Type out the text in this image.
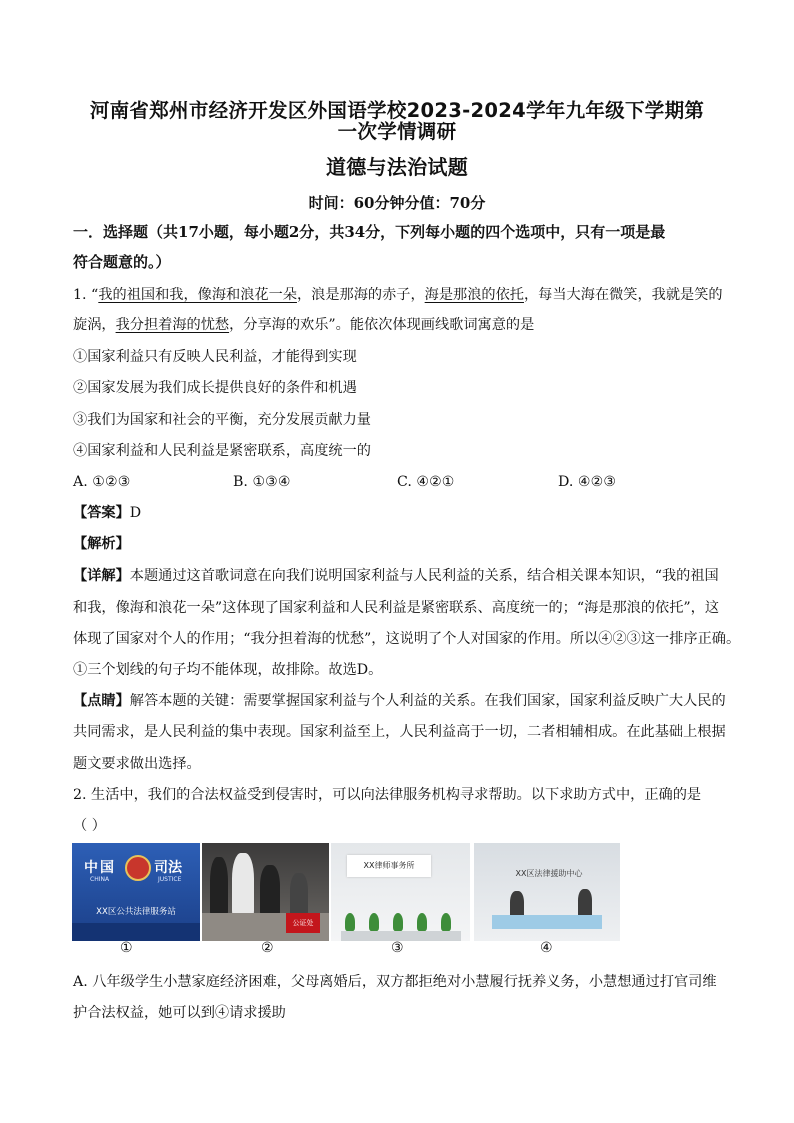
河南省郑州市经济开发区外国语学校2023-2024学年九年级下学期第
一次学情调研
道德与法治试题
时间：60分钟分值：70分
一．选择题（共17小题，每小题2分，共34分，下列每小题的四个选项中，只有一项是最
符合题意的。）
1. “我的祖国和我，像海和浪花一朵，浪是那海的赤子，海是那浪的依托，每当大海在微笑，我就是笑的
旋涡，我分担着海的忧愁，分享海的欢乐”。能依次体现画线歌词寓意的是
①国家利益只有反映人民利益，才能得到实现
②国家发展为我们成长提供良好的条件和机遇
③我们为国家和社会的平衡，充分发展贡献力量
④国家利益和人民利益是紧密联系，高度统一的
A. ①②③	B. ①③④	C. ④②①	D. ④②③
【答案】D
【解析】
【详解】本题通过这首歌词意在向我们说明国家利益与人民利益的关系，结合相关课本知识，“我的祖国
和我，像海和浪花一朵”这体现了国家利益和人民利益是紧密联系、高度统一的；“海是那浪的依托”，这
体现了国家对个人的作用；“我分担着海的忧愁”，这说明了个人对国家的作用。所以④②③这一排序正确。
①三个划线的句子均不能体现，故排除。故选D。
【点睛】解答本题的关键：需要掌握国家利益与个人利益的关系。在我们国家，国家利益反映广大人民的
共同需求，是人民利益的集中表现。国家利益至上，人民利益高于一切，二者相辅相成。在此基础上根据
题文要求做出选择。
2. 生活中，我们的合法权益受到侵害时，可以向法律服务机构寻求帮助。以下求助方式中，正确的是
（ ）
中国	司法
CHINA	JUSTICE
XX区公共法律服务站
公证处
XX律师事务所
XX区法律援助中心
①	②	③	④
A. 八年级学生小慧家庭经济困难，父母离婚后，双方都拒绝对小慧履行抚养义务，小慧想通过打官司维
护合法权益，她可以到④请求援助
